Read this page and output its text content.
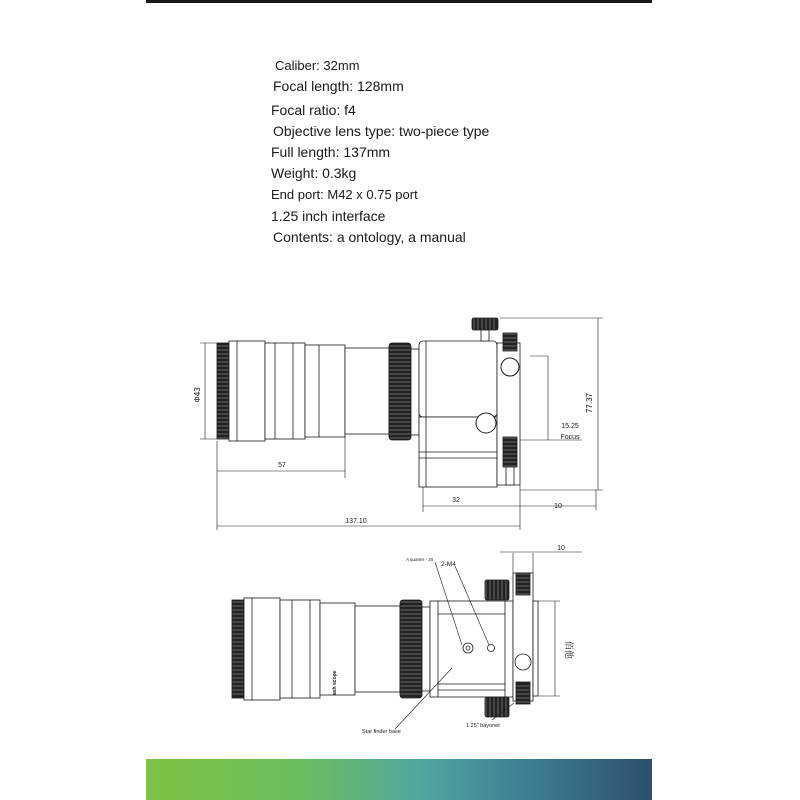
Caliber: 32mm
Focal length: 128mm
Focal ratio: f4
Objective lens type: two-piece type
Full length: 137mm
Weight: 0.3kg
End port: M42 x 0.75 port
1.25 inch interface
Contents: a ontology, a manual
Φ43
57
137.10
32
10
77.37
15.25
Focus
10
A quarter - 20
2-M4
Star finder base
1.25" bayonet
ash scope
佰他
